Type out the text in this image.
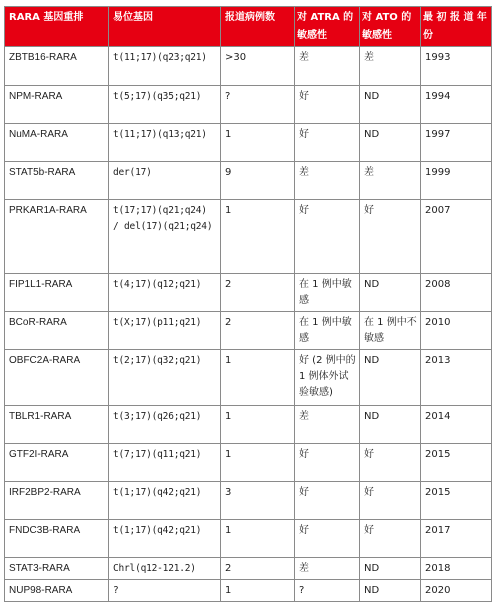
RARA 基因重排	易位基因	报道病例数	对 ATRA 的敏感性	对 ATO 的敏感性	最 初 报 道 年份
ZBTB16-RARA	t(11;17)(q23;q21)	>30	差	差	1993
NPM-RARA	t(5;17)(q35;q21)	?	好	ND	1994
NuMA-RARA	t(11;17)(q13;q21)	1	好	ND	1997
STAT5b-RARA	der(17)	9	差	差	1999
PRKAR1A-RARA	t(17;17)(q21;q24) / del(17)(q21;q24)	1	好	好	2007
FIP1L1-RARA	t(4;17)(q12;q21)	2	在 1 例中敏感	ND	2008
BCoR-RARA	t(X;17)(p11;q21)	2	在 1 例中敏感	在 1 例中不敏感	2010
OBFC2A-RARA	t(2;17)(q32;q21)	1	好 (2 例中的 1 例体外试验敏感)	ND	2013
TBLR1-RARA	t(3;17)(q26;q21)	1	差	ND	2014
GTF2I-RARA	t(7;17)(q11;q21)	1	好	好	2015
IRF2BP2-RARA	t(1;17)(q42;q21)	3	好	好	2015
FNDC3B-RARA	t(1;17)(q42;q21)	1	好	好	2017
STAT3-RARA	Chrl(q12-121.2)	2	差	ND	2018
NUP98-RARA	?	1	?	ND	2020
